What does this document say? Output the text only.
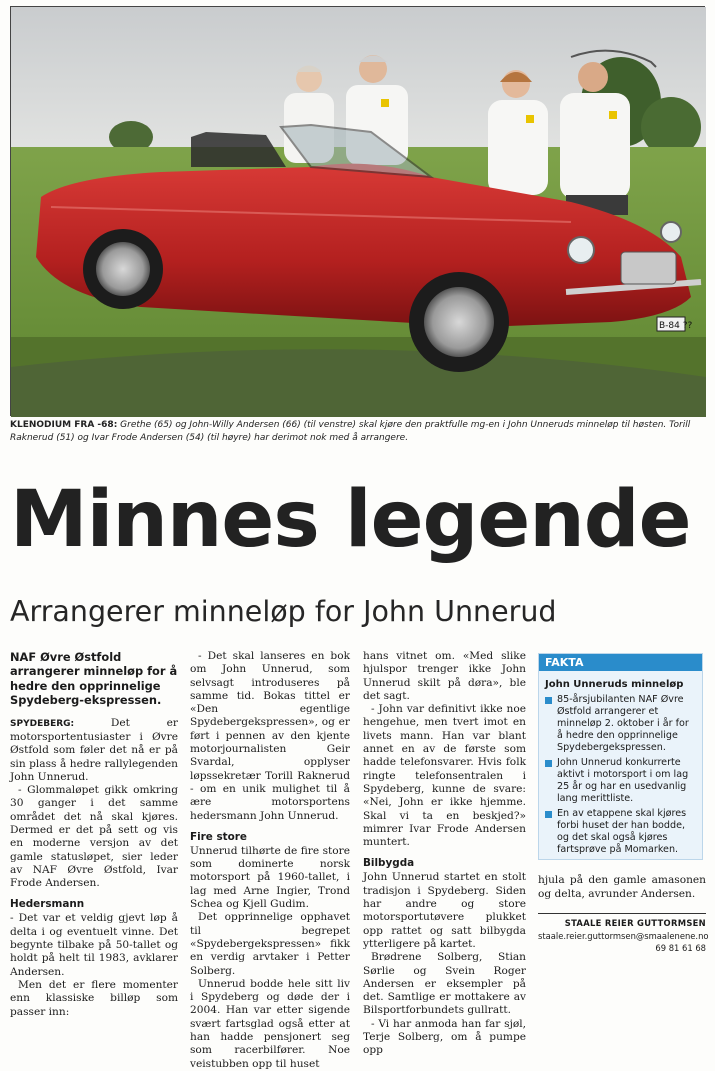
B-84 ??
KLENODIUM FRA -68: Grethe (65) og John-Willy Andersen (66) (til venstre) skal kjøre den praktfulle mg-en i John Unneruds minneløp til høsten. Torill Raknerud (51) og Ivar Frode Andersen (54) (til høyre) har derimot nok med å arrangere.
Minnes legende
Arrangerer minneløp for John Unnerud
NAF Øvre Østfold arrangerer minneløp for å hedre den opprinnelige Spydeberg-ekspressen.

SPYDEBERG:	Det er motorsportentusiaster i Øvre Østfold som føler det nå er på sin plass å hedre rallylegenden John Unnerud.

- Glommaløpet gikk omkring 30 ganger i det samme området det nå skal kjøres. Dermed er det på sett og vis en moderne versjon av det gamle statusløpet, sier leder av NAF Øvre Østfold, Ivar Frode Andersen.

Hedersmann

- Det var et veldig gjevt løp å delta i og eventuelt vinne. Det begynte tilbake på 50-tallet og holdt på helt til 1983, avklarer Andersen.

Men det er flere momenter enn klassiske billøp som passer inn:

- Det skal lanseres en bok om John Unnerud, som selvsagt introduseres på samme tid. Bokas tittel er «Den egentlige Spydebergekspressen», og er ført i pennen av den kjente motorjournalisten Geir Svardal, opplyser løpssekretær Torill Raknerud - om en unik mulighet til å ære motorsportens hedersmann John Unnerud.

Fire store

Unnerud tilhørte de fire store som dominerte norsk motorsport på 1960-tallet, i lag med Arne Ingier, Trond Schea og Kjell Gudim.

Det opprinnelige opphavet til begrepet «Spydebergekspressen» fikk en verdig arvtaker i Petter Solberg.

Unnerud bodde hele sitt liv i Spydeberg og døde der i 2004. Han var etter sigende svært fartsglad også etter at han hadde pensjonert seg som racerbilfører. Noe veistubben opp til huset

hans vitnet om. «Med slike hjulspor trenger ikke John Unnerud skilt på døra», ble det sagt.

- John var definitivt ikke noe hengehue, men tvert imot en livets mann. Han var blant annet en av de første som hadde telefonsvarer. Hvis folk ringte telefonsentralen i Spydeberg, kunne de svare: «Nei, John er ikke hjemme. Skal vi ta en beskjed?» mimrer Ivar Frode Andersen muntert.

Bilbygda

John Unnerud startet en stolt tradisjon i Spydeberg. Siden har andre og store motorsportutøvere plukket opp rattet og satt bilbygda ytterligere på kartet.

Brødrene Solberg, Stian Sørlie og Svein Roger Andersen er eksempler på det. Samtlige er mottakere av Bilsportforbundets gullratt.

- Vi har anmoda han far sjøl, Terje Solberg, om å pumpe opp

FAKTA
John Unneruds minneløp
85-årsjubilanten NAF Øvre Østfold arrangerer et minneløp 2. oktober i år for å hedre den opprinnelige Spydebergekspressen.
John Unnerud konkurrerte aktivt i motorsport i om lag 25 år og har en usedvanlig lang merittliste.
En av etappene skal kjøres forbi huset der han bodde, og det skal også kjøres fartsprøve på Momarken.

hjula på den gamle amasonen og delta, avrunder Andersen.

STAALE REIER GUTTORMSEN
staale.reier.guttormsen@smaalenene.no
69 81 61 68
